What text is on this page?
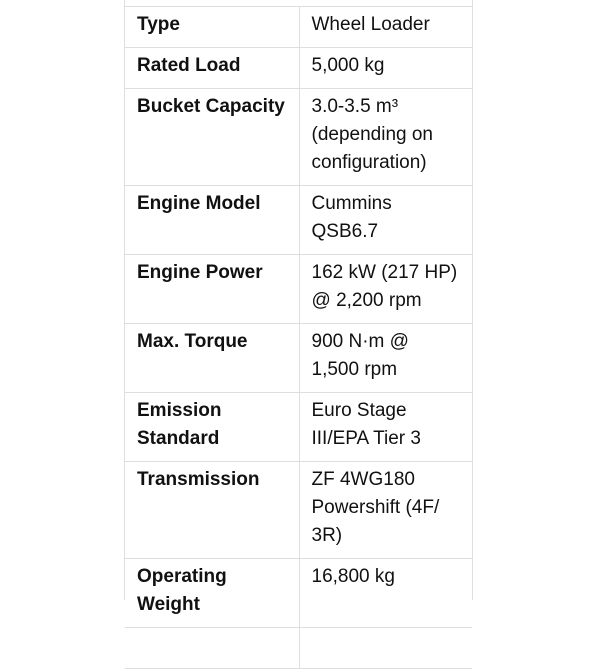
Type	Wheel Loader
Rated Load	5,000 kg
Bucket Capacity	3.0-3.5 m³ (depending on configuration)
Engine Model	Cummins QSB6.7
Engine Power	162 kW (217 HP) @ 2,200 rpm
Max. Torque	900 N·m @ 1,500 rpm
Emission Standard	Euro Stage III/EPA Tier 3
Transmission	ZF 4WG180 Powershift (4F/ 3R)
Operating Weight	16,800 kg
